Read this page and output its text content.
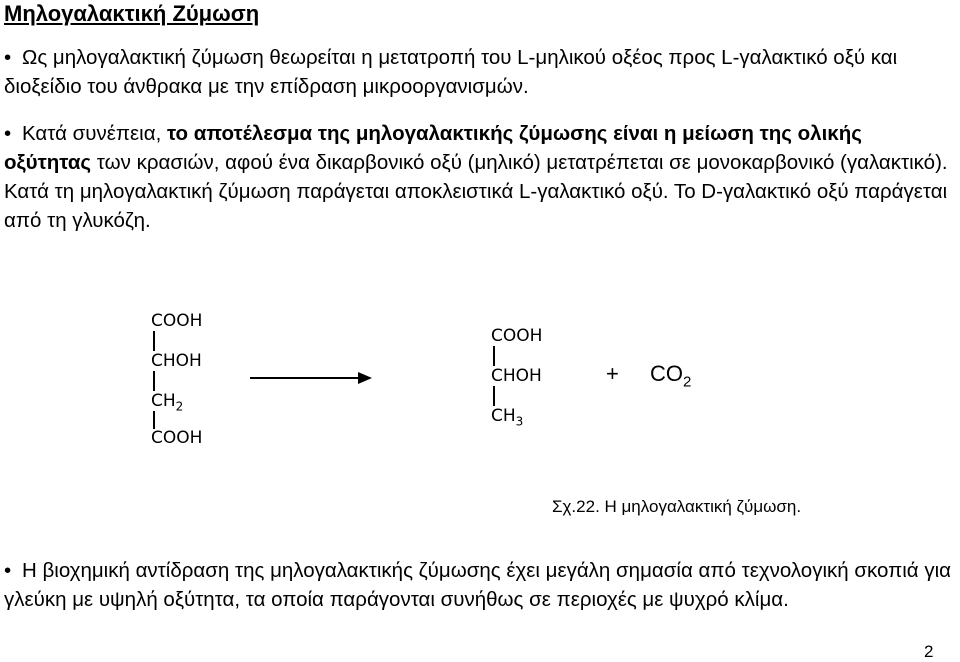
Μηλογαλακτική Ζύμωση
• Ως μηλογαλακτική ζύμωση θεωρείται η μετατροπή του L-μηλικού οξέος προς L-γαλακτικό οξύ και διοξείδιο του άνθρακα με την επίδραση μικροοργανισμών.
• Κατά συνέπεια, το αποτέλεσμα της μηλογαλακτικής ζύμωσης είναι η μείωση της ολικής οξύτητας των κρασιών, αφού ένα δικαρβονικό οξύ (μηλικό) μετατρέπεται σε μονοκαρβονικό (γαλακτικό). Κατά τη μηλογαλακτική ζύμωση παράγεται αποκλειστικά L-γαλακτικό οξύ. Το D-γαλακτικό οξύ παράγεται από τη γλυκόζη.
COOH
CHOH
$CH_2$
COOH
COOH
CHOH
$CH_3$
+ $CO_2$
Σχ.22. Η μηλογαλακτική ζύμωση.
• Η βιοχημική αντίδραση της μηλογαλακτικής ζύμωσης έχει μεγάλη σημασία από τεχνολογική σκοπιά για γλεύκη με υψηλή οξύτητα, τα οποία παράγονται συνήθως σε περιοχές με ψυχρό κλίμα.
2
